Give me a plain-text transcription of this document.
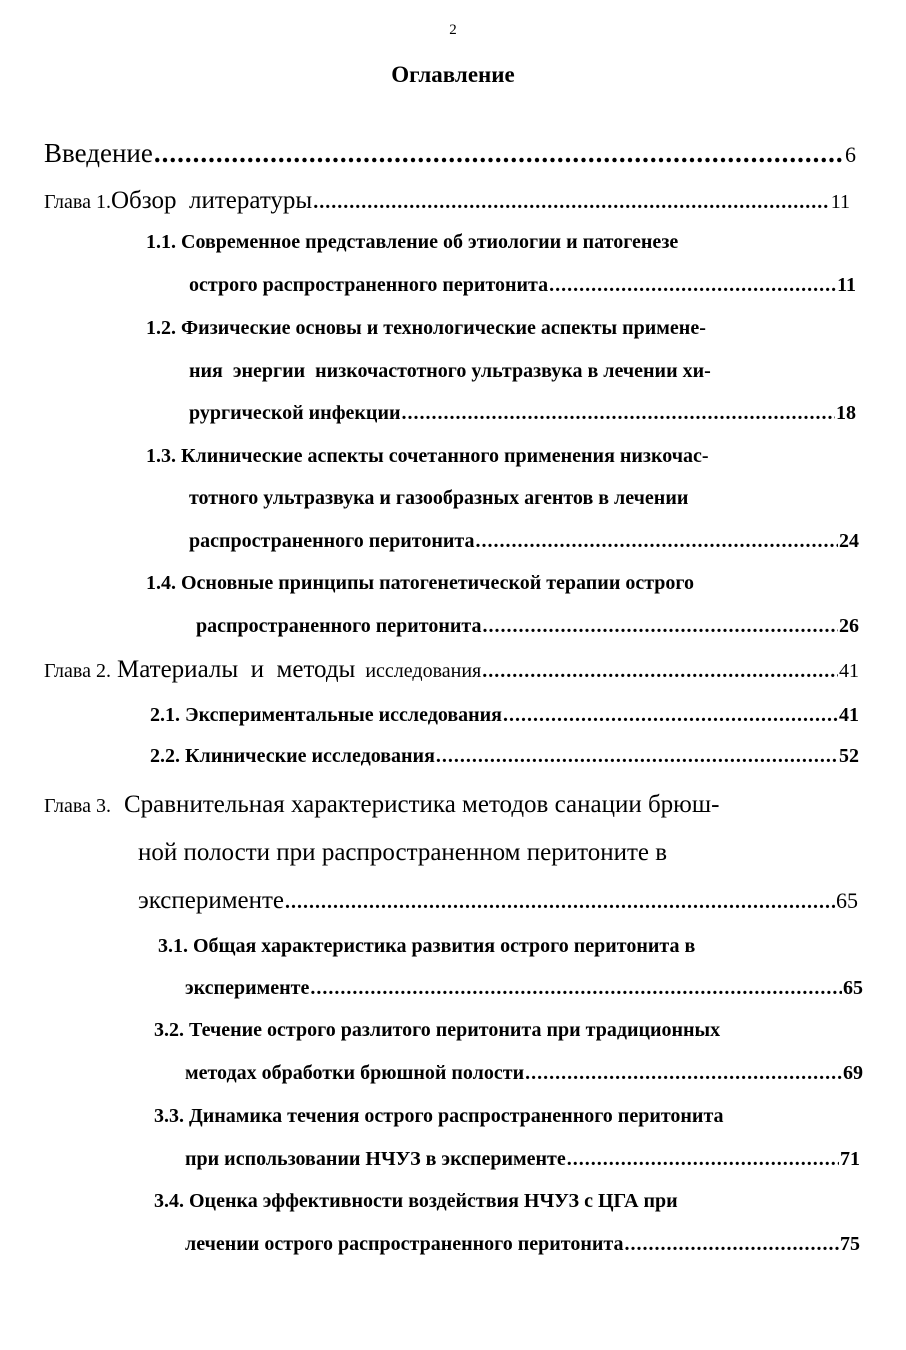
2
Оглавление
Введение .....	6
Глава 1. Обзор  литературы .....	11
1.1. Современное представление об этиологии и патогенезе
острого распространенного перитонита .....	11
1.2. Физические основы и технологические аспекты примене-
ния  энергии  низкочастотного ультразвука в лечении хи-
рургической инфекции .....	18
1.3. Клинические аспекты сочетанного применения низкочас-
тотного ультразвука и газообразных агентов в лечении
распространенного перитонита .....	24
1.4. Основные принципы патогенетической терапии острого
распространенного перитонита .....	26
Глава 2. Материалы  и  методы исследования .....	41
2.1. Экспериментальные исследования .....	41
2.2. Клинические исследования .....	52
Глава 3. Сравнительная характеристика методов санации брюш-
ной полости при распространенном перитоните в
эксперименте .....	65
3.1. Общая характеристика развития острого перитонита в
эксперименте .....	65
3.2. Течение острого разлитого перитонита при традиционных
методах обработки брюшной полости .....	69
3.3. Динамика течения острого распространенного перитонита
при использовании НЧУЗ в эксперименте .....	71
3.4. Оценка эффективности воздействия НЧУЗ с ЦГА при
лечении острого распространенного перитонита .....	75
